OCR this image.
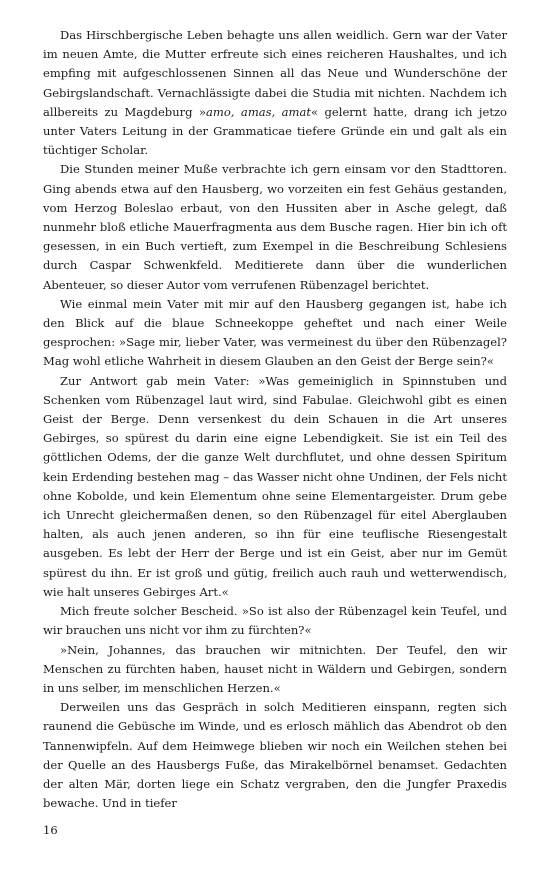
Das Hirschbergische Leben behagte uns allen weidlich. Gern war der Vater im neuen Amte, die Mutter erfreute sich eines reicheren Haushaltes, und ich empfing mit aufgeschlossenen Sinnen all das Neue und Wunderschöne der Gebirgslandschaft. Vernachlässigte dabei die Studia mit nichten. Nachdem ich allbereits zu Magdeburg »amo, amas, amat« gelernt hatte, drang ich jetzo unter Vaters Leitung in der Grammaticae tiefere Gründe ein und galt als ein tüchtiger Scholar.

Die Stunden meiner Muße verbrachte ich gern einsam vor den Stadttoren. Ging abends etwa auf den Hausberg, wo vorzeiten ein fest Gehäus gestanden, vom Herzog Boleslao erbaut, von den Hussiten aber in Asche gelegt, daß nunmehr bloß etliche Mauerfragmenta aus dem Busche ragen. Hier bin ich oft gesessen, in ein Buch vertieft, zum Exempel in die Beschreibung Schlesiens durch Caspar Schwenkfeld. Meditierete dann über die wunderlichen Abenteuer, so dieser Autor vom verrufenen Rübenzagel berichtet.

Wie einmal mein Vater mit mir auf den Hausberg gegangen ist, habe ich den Blick auf die blaue Schneekoppe geheftet und nach einer Weile gesprochen: »Sage mir, lieber Vater, was vermeinest du über den Rübenzagel? Mag wohl etliche Wahrheit in diesem Glauben an den Geist der Berge sein?«

Zur Antwort gab mein Vater: »Was gemeiniglich in Spinnstuben und Schenken vom Rübenzagel laut wird, sind Fabulae. Gleichwohl gibt es einen Geist der Berge. Denn versenkest du dein Schauen in die Art unseres Gebirges, so spürest du darin eine eigne Lebendigkeit. Sie ist ein Teil des göttlichen Odems, der die ganze Welt durchflutet, und ohne dessen Spiritum kein Erdending bestehen mag – das Wasser nicht ohne Undinen, der Fels nicht ohne Kobolde, und kein Elementum ohne seine Elementargeister. Drum gebe ich Unrecht gleichermaßen denen, so den Rübenzagel für eitel Aberglauben halten, als auch jenen anderen, so ihn für eine teuflische Riesengestalt ausgeben. Es lebt der Herr der Berge und ist ein Geist, aber nur im Gemüt spürest du ihn. Er ist groß und gütig, freilich auch rauh und wetterwendisch, wie halt unseres Gebirges Art.«

Mich freute solcher Bescheid. »So ist also der Rübenzagel kein Teufel, und wir brauchen uns nicht vor ihm zu fürchten?«

»Nein, Johannes, das brauchen wir mitnichten. Der Teufel, den wir Menschen zu fürchten haben, hauset nicht in Wäldern und Gebirgen, sondern in uns selber, im menschlichen Herzen.«

Derweilen uns das Gespräch in solch Meditieren einspann, regten sich raunend die Gebüsche im Winde, und es erlosch mählich das Abendrot ob den Tannenwipfeln. Auf dem Heimwege blieben wir noch ein Weilchen stehen bei der Quelle an des Hausbergs Fuße, das Mirakelbörnel benamset. Gedachten der alten Mär, dorten liege ein Schatz vergraben, den die Jungfer Praxedis bewache. Und in tiefer

16
